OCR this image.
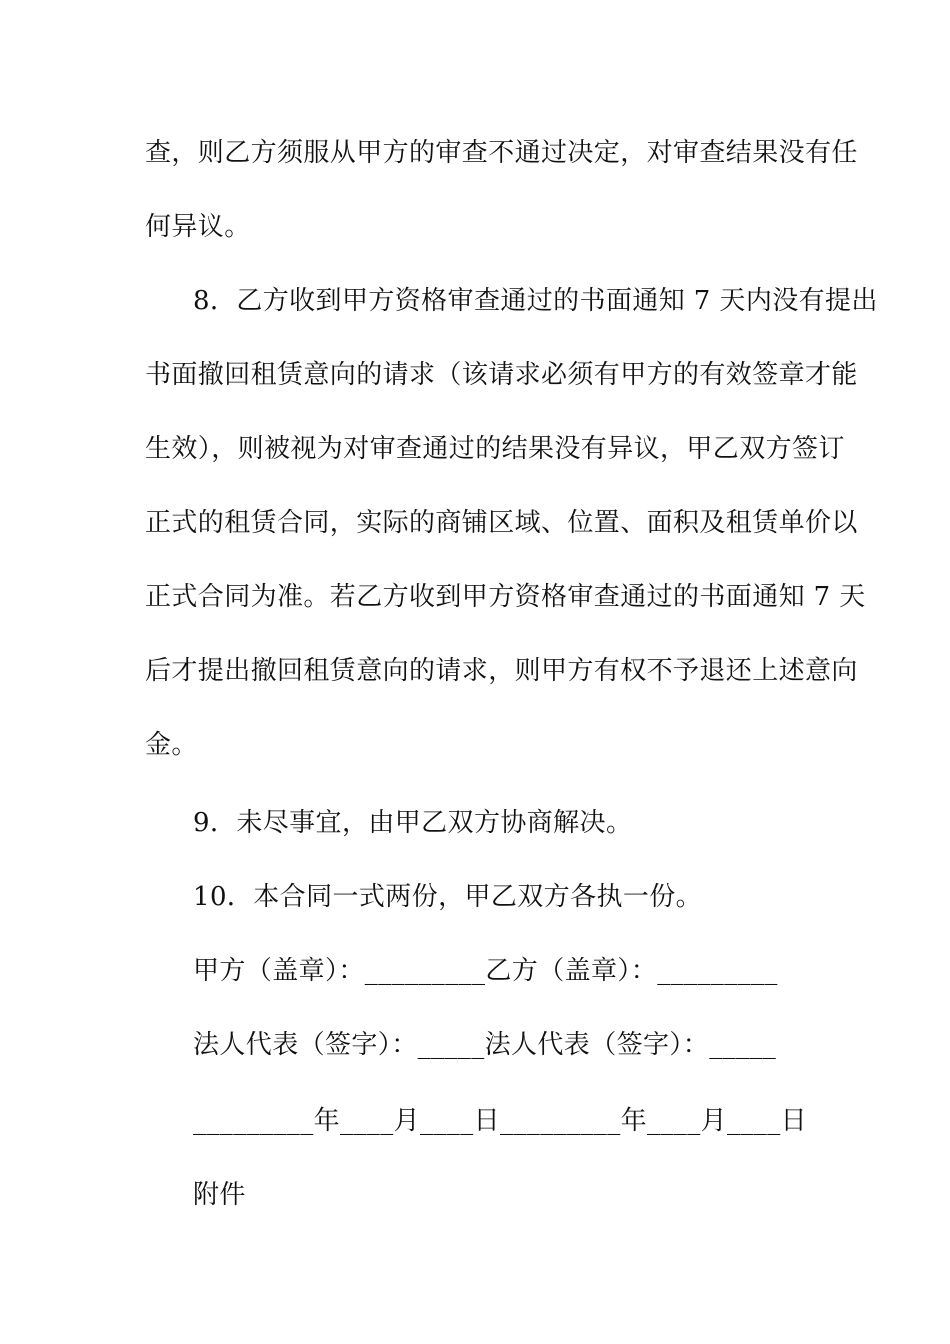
查，则乙方须服从甲方的审查不通过决定，对审查结果没有任
何异议。
8．乙方收到甲方资格审查通过的书面通知 7 天内没有提出
书面撤回租赁意向的请求（该请求必须有甲方的有效签章才能
生效），则被视为对审查通过的结果没有异议，甲乙双方签订
正式的租赁合同，实际的商铺区域、位置、面积及租赁单价以
正式合同为准。若乙方收到甲方资格审查通过的书面通知 7 天
后才提出撤回租赁意向的请求，则甲方有权不予退还上述意向
金。
9．未尽事宜，由甲乙双方协商解决。
10．本合同一式两份，甲乙双方各执一份。
甲方（盖章）：_________乙方（盖章）：_________
法人代表（签字）：_____法人代表（签字）：_____
_________年____月____日_________年____月____日
附件
